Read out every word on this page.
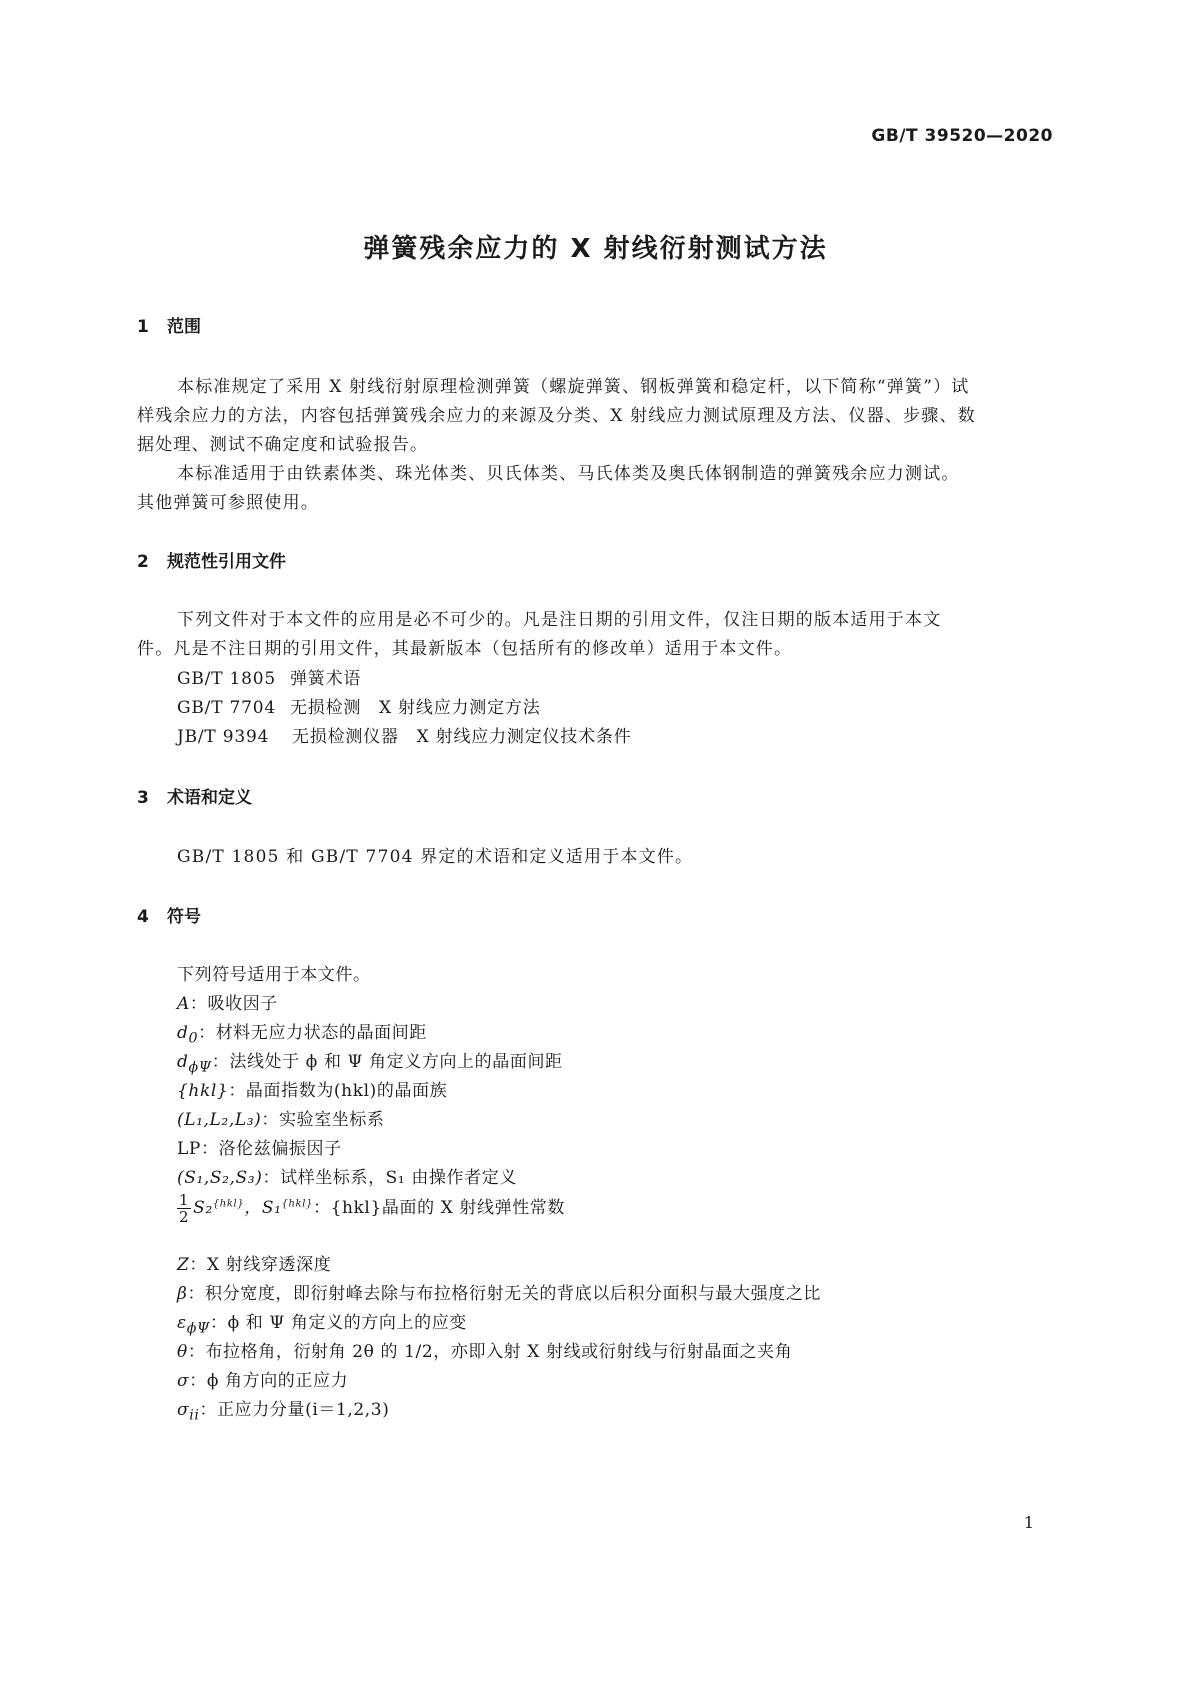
GB/T 39520—2020
弹簧残余应力的 X 射线衍射测试方法
1 范围
本标准规定了采用 X 射线衍射原理检测弹簧（螺旋弹簧、钢板弹簧和稳定杆，以下简称“弹簧”）试
样残余应力的方法，内容包括弹簧残余应力的来源及分类、X 射线应力测试原理及方法、仪器、步骤、数
据处理、测试不确定度和试验报告。
本标准适用于由铁素体类、珠光体类、贝氏体类、马氏体类及奥氏体钢制造的弹簧残余应力测试。
其他弹簧可参照使用。
2 规范性引用文件
下列文件对于本文件的应用是必不可少的。凡是注日期的引用文件，仅注日期的版本适用于本文
件。凡是不注日期的引用文件，其最新版本（包括所有的修改单）适用于本文件。
GB/T 1805 弹簧术语
GB/T 7704 无损检测　X 射线应力测定方法
JB/T 9394 无损检测仪器　X 射线应力测定仪技术条件
3 术语和定义
GB/T 1805 和 GB/T 7704 界定的术语和定义适用于本文件。
4 符号
下列符号适用于本文件。
A：吸收因子
$d_0$：材料无应力状态的晶面间距
$d_{\phi\Psi}$：法线处于 ϕ 和 Ψ 角定义方向上的晶面间距
{hkl}：晶面指数为(hkl)的晶面族
(L₁,L₂,L₃)：实验室坐标系
LP：洛伦兹偏振因子
(S₁,S₂,S₃)：试样坐标系，S₁ 由操作者定义
$\frac{1}{2} S_2^{\{hkl\}}$，S₁$^{\{hkl\}}$：{hkl}晶面的 X 射线弹性常数
Z：X 射线穿透深度
β：积分宽度，即衍射峰去除与布拉格衍射无关的背底以后积分面积与最大强度之比
$\varepsilon_{\phi\Psi}$：ϕ 和 Ψ 角定义的方向上的应变
θ：布拉格角，衍射角 2θ 的 1/2，亦即入射 X 射线或衍射线与衍射晶面之夹角
σ：ϕ 角方向的正应力
$\sigma_{ii}$：正应力分量(i＝1,2,3)
1
